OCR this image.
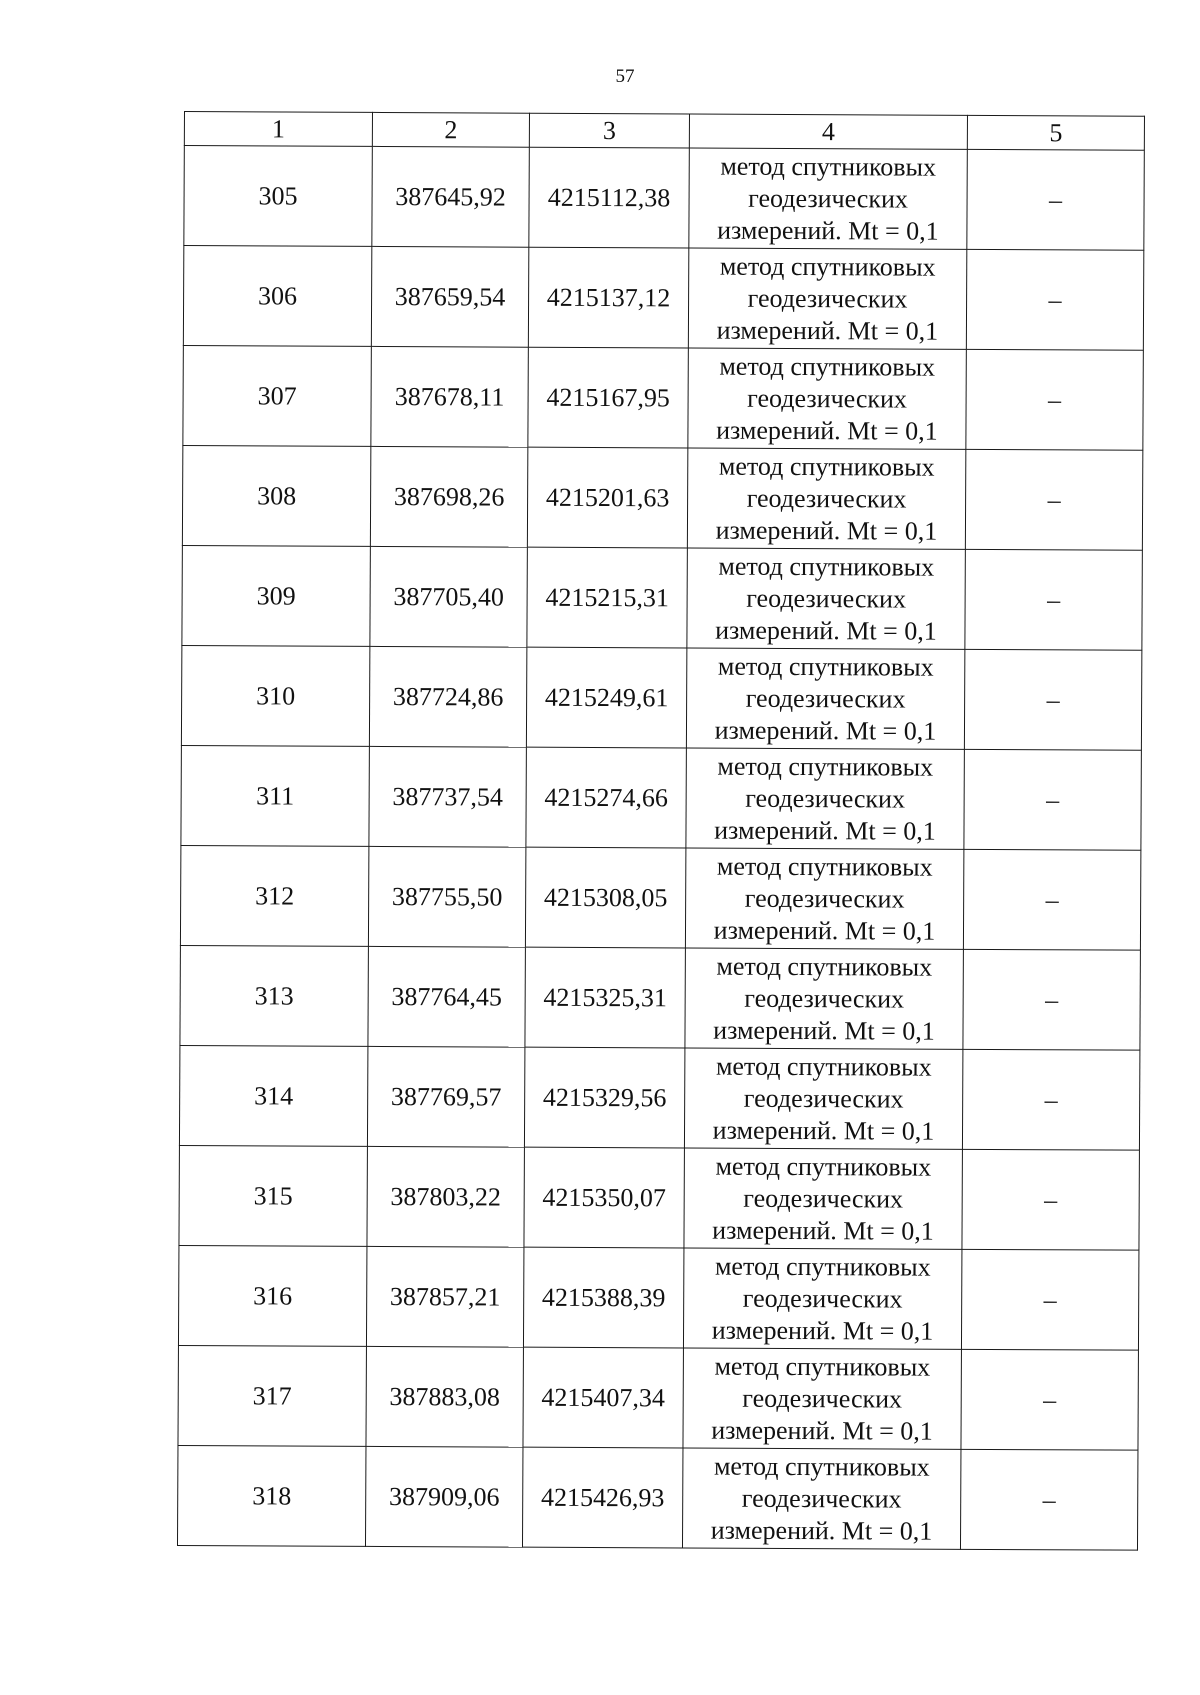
57
1	2	3	4	5
305	387645,92	4215112,38	метод спутниковых
геодезических
измерений. Mt = 0,1	–
306	387659,54	4215137,12	метод спутниковых
геодезических
измерений. Mt = 0,1	–
307	387678,11	4215167,95	метод спутниковых
геодезических
измерений. Mt = 0,1	–
308	387698,26	4215201,63	метод спутниковых
геодезических
измерений. Mt = 0,1	–
309	387705,40	4215215,31	метод спутниковых
геодезических
измерений. Mt = 0,1	–
310	387724,86	4215249,61	метод спутниковых
геодезических
измерений. Mt = 0,1	–
311	387737,54	4215274,66	метод спутниковых
геодезических
измерений. Mt = 0,1	–
312	387755,50	4215308,05	метод спутниковых
геодезических
измерений. Mt = 0,1	–
313	387764,45	4215325,31	метод спутниковых
геодезических
измерений. Mt = 0,1	–
314	387769,57	4215329,56	метод спутниковых
геодезических
измерений. Mt = 0,1	–
315	387803,22	4215350,07	метод спутниковых
геодезических
измерений. Mt = 0,1	–
316	387857,21	4215388,39	метод спутниковых
геодезических
измерений. Mt = 0,1	–
317	387883,08	4215407,34	метод спутниковых
геодезических
измерений. Mt = 0,1	–
318	387909,06	4215426,93	метод спутниковых
геодезических
измерений. Mt = 0,1	–
